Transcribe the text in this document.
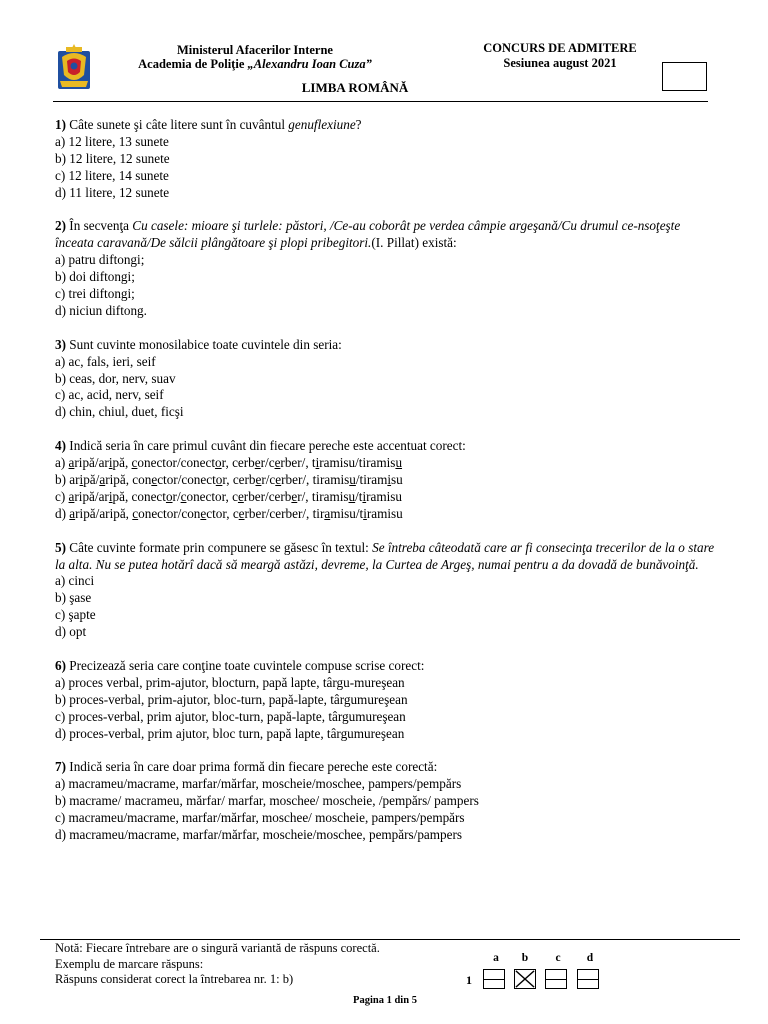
Ministerul Afacerilor Interne
Academia de Poliţie „Alexandru Ioan Cuza”
LIMBA ROMÂNĂ
CONCURS DE ADMITERE
Sesiunea august 2021

1) Câte sunete şi câte litere sunt în cuvântul genuflexiune?

a) 12 litere, 13 sunete

b) 12 litere, 12 sunete

c) 12 litere, 14 sunete

d) 11 litere, 12 sunete

2) În secvenţa Cu casele: mioare şi turlele: păstori, /Ce-au coborât pe verdea câmpie argeşană/Cu drumul ce-nsoţeşte înceata caravană/De sălcii plângătoare şi plopi pribegitori.(I. Pillat) există:

a) patru diftongi;

b) doi diftongi;

c) trei diftongi;

d) niciun diftong.

3) Sunt cuvinte monosilabice toate cuvintele din seria:

a) ac, fals, ieri, seif

b) ceas, dor, nerv, suav

c) ac, acid, nerv, seif

d) chin, chiul, duet, ficşi

4) Indică seria în care primul cuvânt din fiecare pereche este accentuat corect:

a) aripă/aripă, conector/conector, cerber/cerber/, tiramisu/tiramisu

b) aripă/aripă, conector/conector, cerber/cerber/, tiramisu/tiramisu

c) aripă/aripă, conector/conector, cerber/cerber/, tiramisu/tiramisu

d) aripă/aripă, conector/conector, cerber/cerber/, tiramisu/tiramisu

5) Câte cuvinte formate prin compunere se găsesc în textul: Se întreba câteodată care ar fi consecinţa trecerilor de la o stare la alta. Nu se putea hotărî dacă să meargă astăzi, devreme, la Curtea de Argeş, numai pentru a da dovadă de bunăvoinţă.

a) cinci

b) şase

c) şapte

d) opt

6) Precizează seria care conţine toate cuvintele compuse scrise corect:

a) proces verbal, prim-ajutor, blocturn, papă lapte, târgu-mureşean

b) proces-verbal, prim-ajutor, bloc-turn, papă-lapte, târgumureşean

c) proces-verbal, prim ajutor, bloc-turn, papă-lapte, târgumureşean

d) proces-verbal, prim ajutor, bloc turn, papă lapte, târgumureşean

7) Indică seria în care doar prima formă din fiecare pereche este corectă:

a) macrameu/macrame, marfar/mărfar, moscheie/moschee, pampers/pempărs

b) macrame/ macrameu, mărfar/ marfar, moschee/ moscheie, /pempărs/ pampers

c) macrameu/macrame, marfar/mărfar, moschee/ moscheie, pampers/pempărs

d) macrameu/macrame, marfar/mărfar, moscheie/moschee, pempărs/pampers

Notă: Fiecare întrebare are o singură variantă de răspuns corectă.

Exemplu de marcare răspuns:

Răspuns considerat corect la întrebarea nr. 1: b)

a	b	c	d
1
Pagina 1 din 5
